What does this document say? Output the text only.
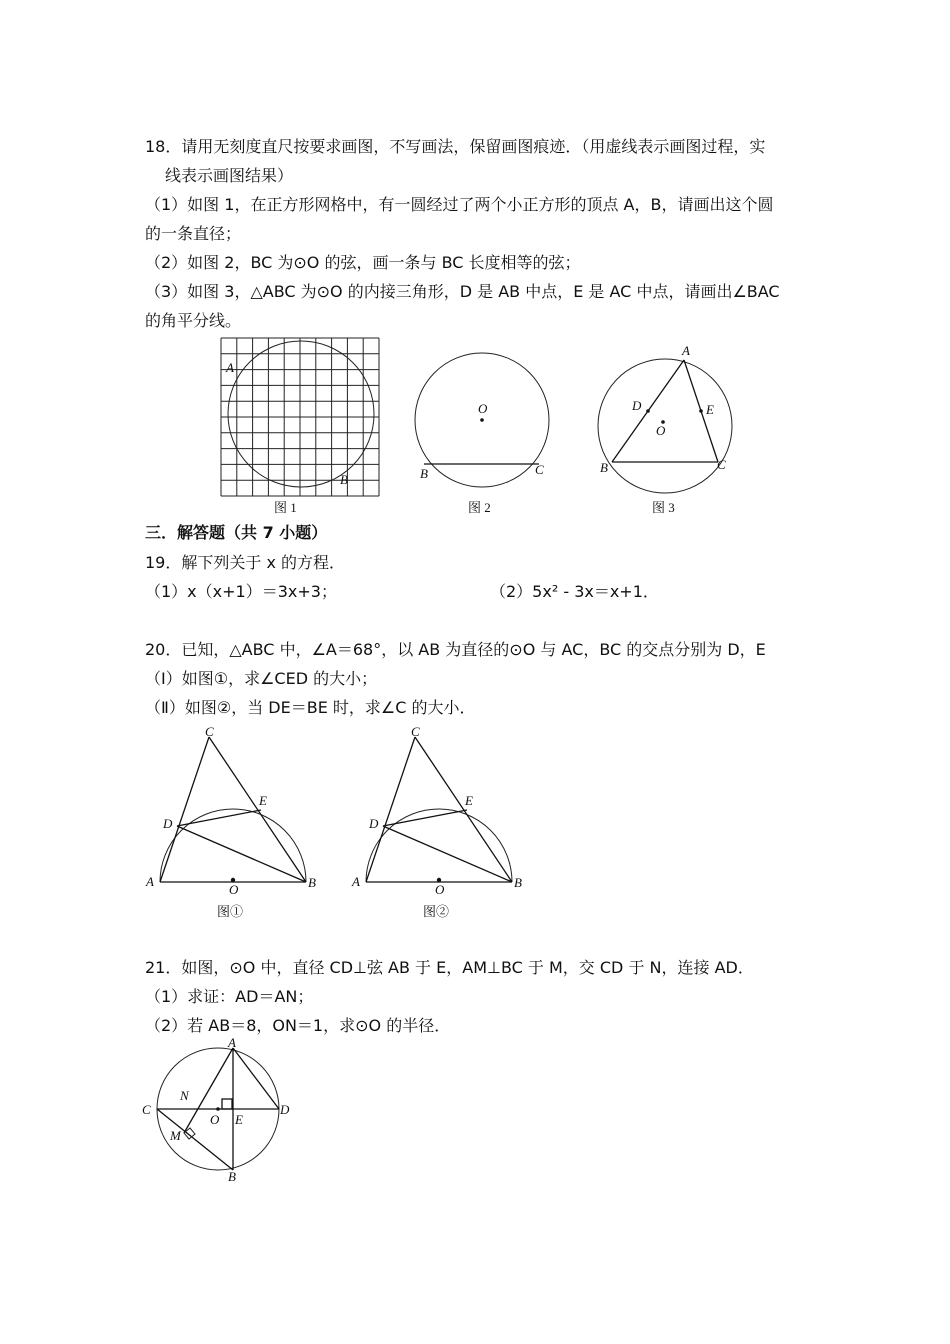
18．请用无刻度直尺按要求画图，不写画法，保留画图痕迹．（用虚线表示画图过程，实
线表示画图结果）
（1）如图 1，在正方形网格中，有一圆经过了两个小正方形的顶点 A，B，请画出这个圆
的一条直径；
（2）如图 2，BC 为⊙O 的弦，画一条与 BC 长度相等的弦；
（3）如图 3，△ABC 为⊙O 的内接三角形，D 是 AB 中点，E 是 AC 中点，请画出∠BAC
的角平分线。
A
B
图 1
O
B	C
图 2
A
D	E
O
B	C
图 3
三．解答题（共 7 小题）
19．解下列关于 x 的方程．
（1）x（x+1）＝3x+3；	（2）5x² - 3x＝x+1．
20．已知，△ABC 中，∠A＝68°，以 AB 为直径的⊙O 与 AC，BC 的交点分别为 D，E
（Ⅰ）如图①，求∠CED 的大小；
（Ⅱ）如图②，当 DE＝BE 时，求∠C 的大小．
C
D
E
A
O	B
图①
C
D
E
A
O	B
图②
21．如图，⊙O 中，直径 CD⊥弦 AB 于 E，AM⊥BC 于 M，交 CD 于 N，连接 AD．
（1）求证：AD＝AN；
（2）若 AB＝8，ON＝1，求⊙O 的半径．
A
C	D
N
O E
M
B
